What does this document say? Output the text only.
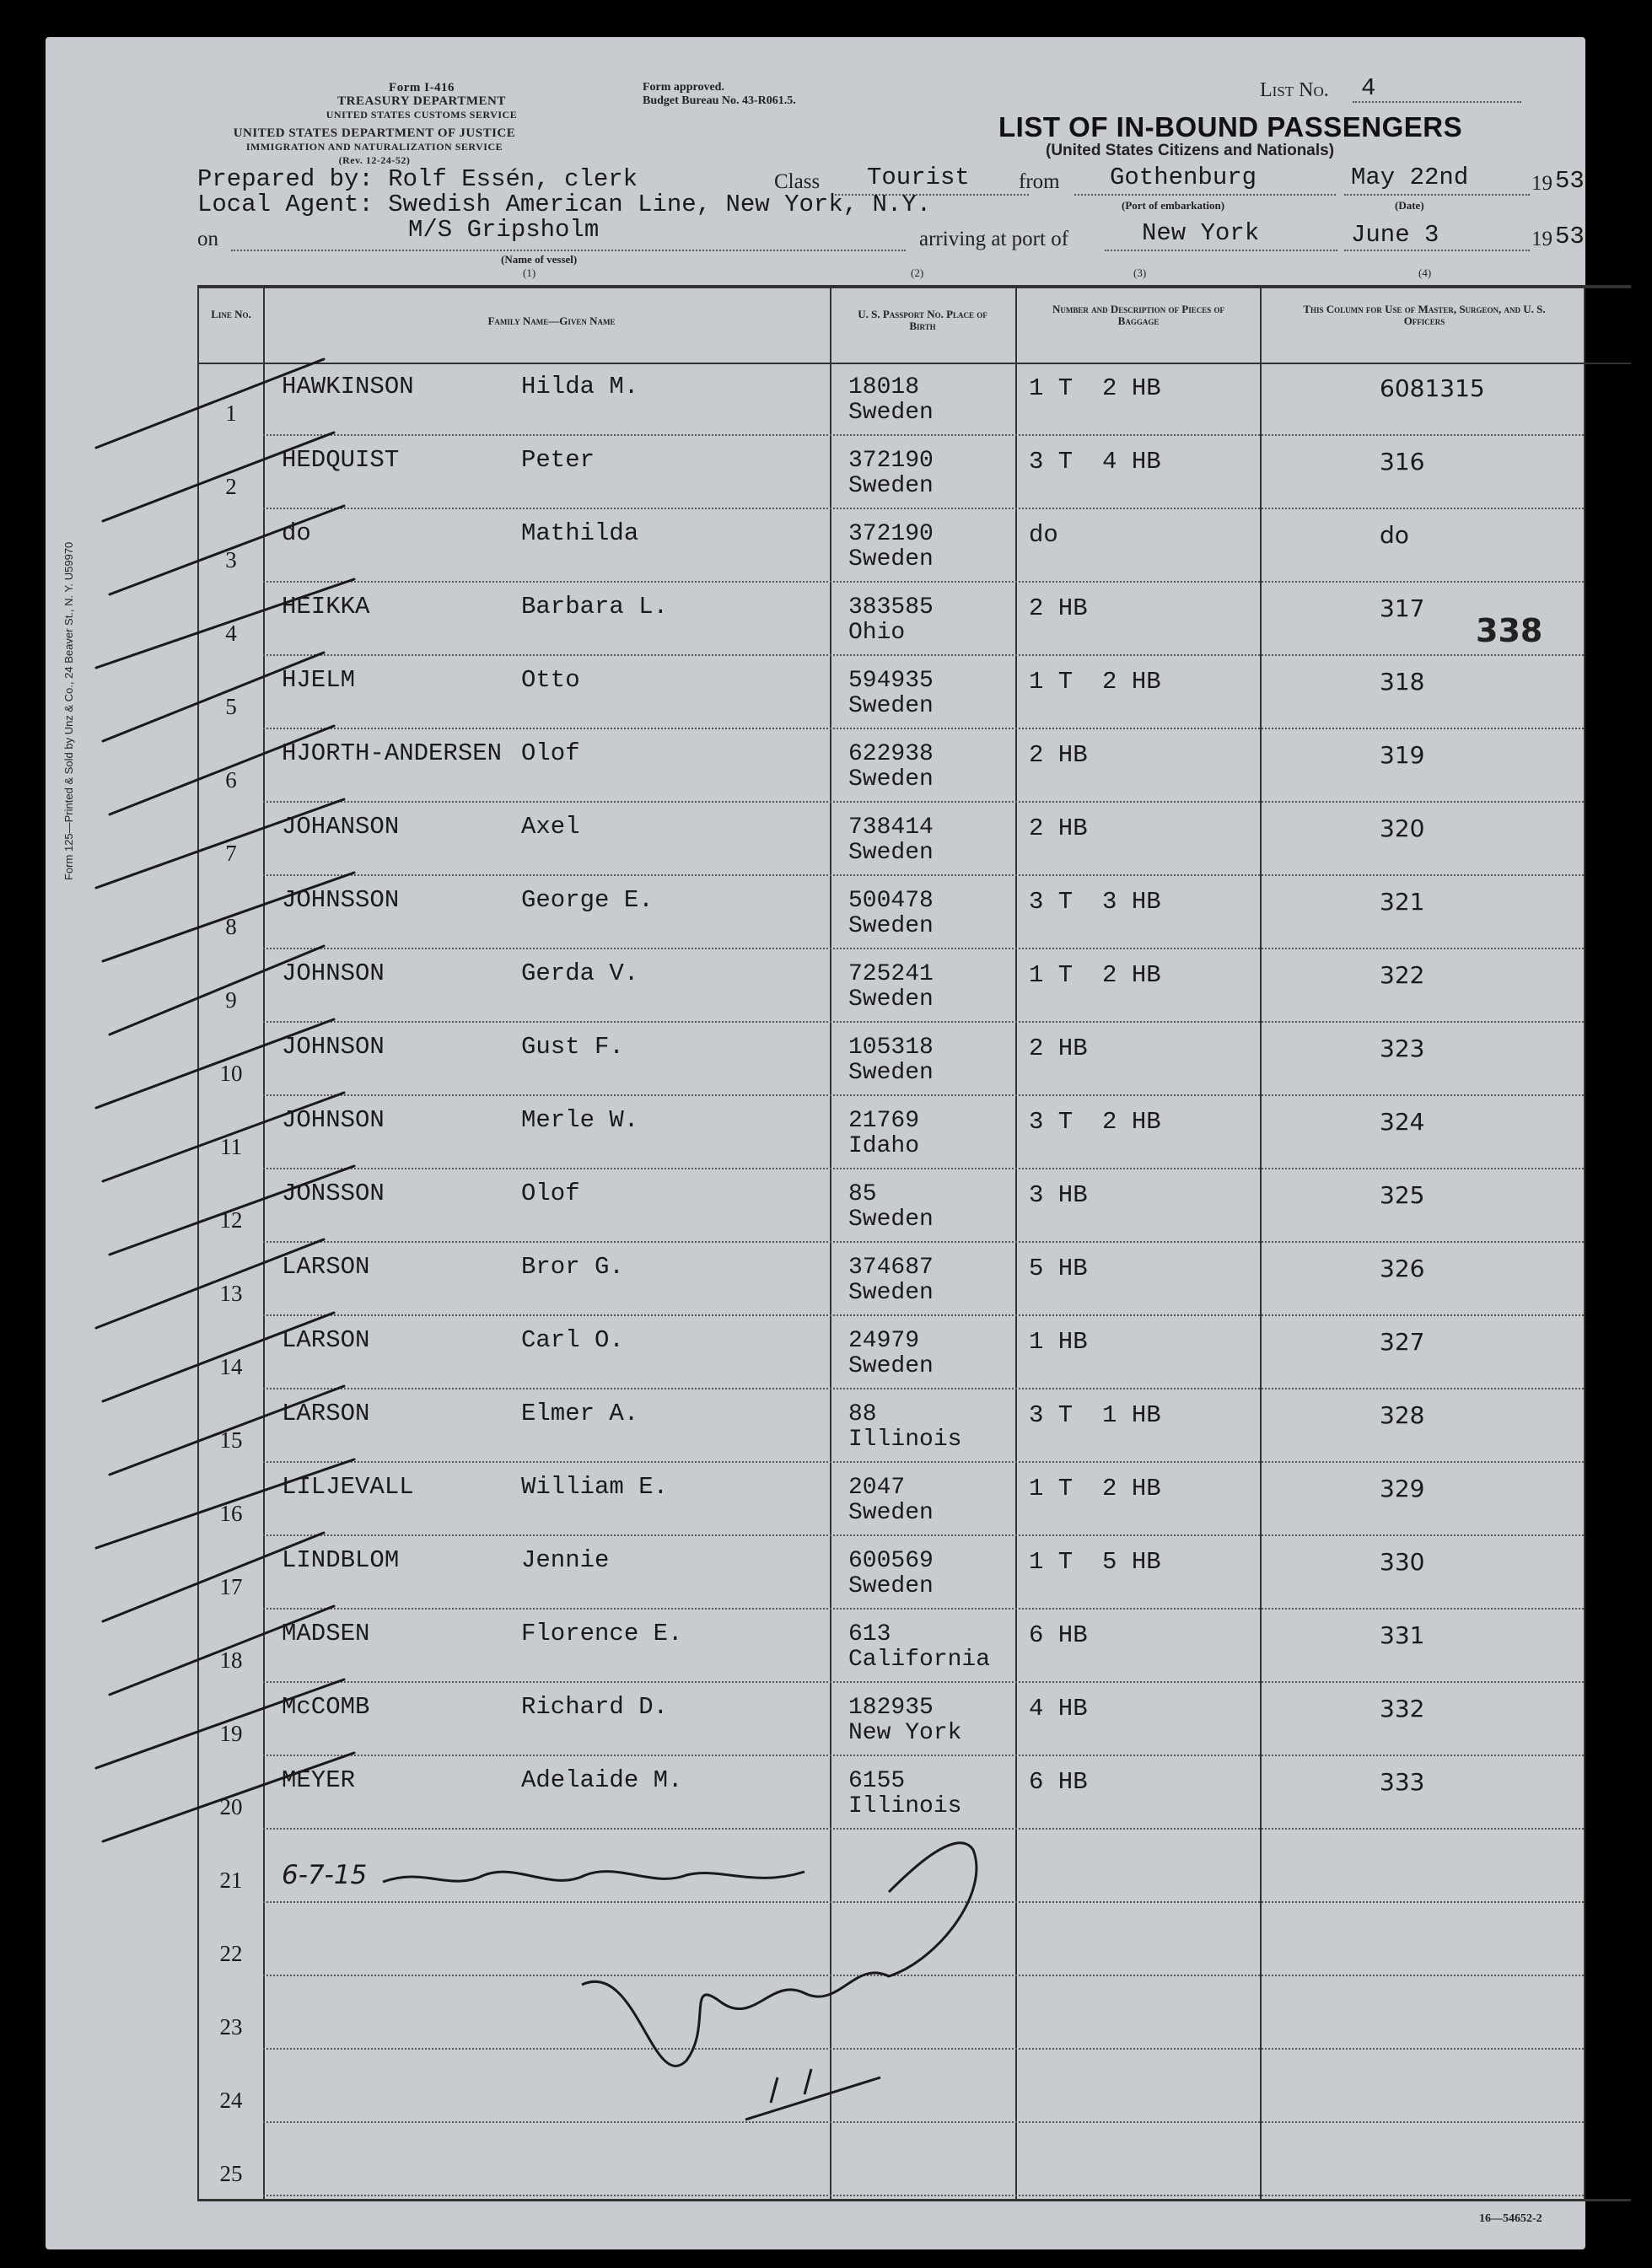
Form 125—Printed & Sold by Unz & Co., 24 Beaver St., N. Y. U59970
Form I-416
TREASURY DEPARTMENT
UNITED STATES CUSTOMS SERVICE
UNITED STATES DEPARTMENT OF JUSTICE
IMMIGRATION AND NATURALIZATION SERVICE
(Rev. 12-24-52)
Form approved.
Budget Bureau No. 43-R061.5.	List No. 4
LIST OF IN-BOUND PASSENGERS
(United States Citizens and Nationals)
Prepared by: Rolf Essén, clerk	Class Tourist from Gothenburg
(Port of embarkation)
May 22nd
(Date)
19 53
Local Agent: Swedish American Line, New York, N.Y.
on	M/S Gripsholm
(Name of vessel)
arriving at port of	New York	June 3	19 53
(1)	(2)	(3)	(4)
Line No.
Family Name—Given Name
U. S. Passport No. Place of Birth
Number and Description of Pieces of Baggage
This Column for Use of Master, Surgeon, and U. S. Officers
1
HAWKINSON	Hilda M.	18018
Sweden
1 T  2 HB	6081315
2
HEDQUIST	Peter	372190
Sweden
3 T  4 HB	316
3
do	Mathilda	372190
Sweden
do	do
4
HEIKKA	Barbara L.	383585
Ohio
2 HB	317
5
HJELM	Otto	594935
Sweden
1 T  2 HB	318
6
HJORTH-ANDERSEN Olof	622938
Sweden
2 HB	319
7
JOHANSON	Axel	738414
Sweden
2 HB	320
8
JOHNSSON	George E.	500478
Sweden
3 T  3 HB	321
9
JOHNSON	Gerda V.	725241
Sweden
1 T  2 HB	322
10
JOHNSON	Gust F.	105318
Sweden
2 HB	323
11
JOHNSON	Merle W.	21769
Idaho
3 T  2 HB	324
12
JONSSON	Olof	85
Sweden
3 HB	325
13
LARSON	Bror G.	374687
Sweden
5 HB	326
14
LARSON	Carl O.	24979
Sweden
1 HB	327
15
LARSON	Elmer A.	88
Illinois
3 T  1 HB	328
16
LILJEVALL	William E.	2047
Sweden
1 T  2 HB	329
17
LINDBLOM	Jennie	600569
Sweden
1 T  5 HB	330
18
MADSEN	Florence E.	613
California
6 HB	331
19
McCOMB	Richard D.	182935
New York
4 HB	332
20
MEYER	Adelaide M.	6155
Illinois
6 HB	333
21
22
23
24
25
338
6-7-15
16—54652-2
